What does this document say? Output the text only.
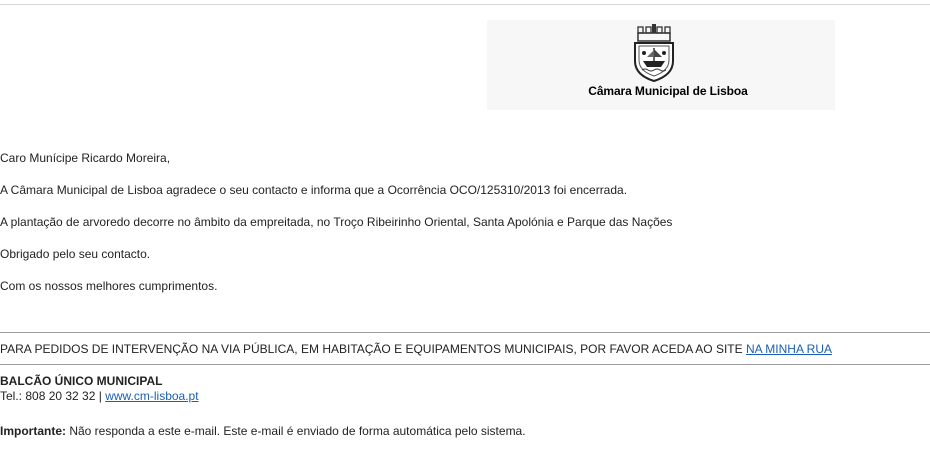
Câmara Municipal de Lisboa

Caro Munícipe Ricardo Moreira,

A Câmara Municipal de Lisboa agradece o seu contacto e informa que a Ocorrência OCO/125310/2013 foi encerrada.

A plantação de arvoredo decorre no âmbito da empreitada, no Troço Ribeirinho Oriental, Santa Apolónia e Parque das Nações

Obrigado pelo seu contacto.

Com os nossos melhores cumprimentos.

PARA PEDIDOS DE INTERVENÇÃO NA VIA PÚBLICA, EM HABITAÇÃO E EQUIPAMENTOS MUNICIPAIS, POR FAVOR ACEDA AO SITE NA MINHA RUA
BALCÃO ÚNICO MUNICIPAL
Tel.: 808 20 32 32 | www.cm-lisboa.pt
Importante: Não responda a este e-mail. Este e-mail é enviado de forma automática pelo sistema.
